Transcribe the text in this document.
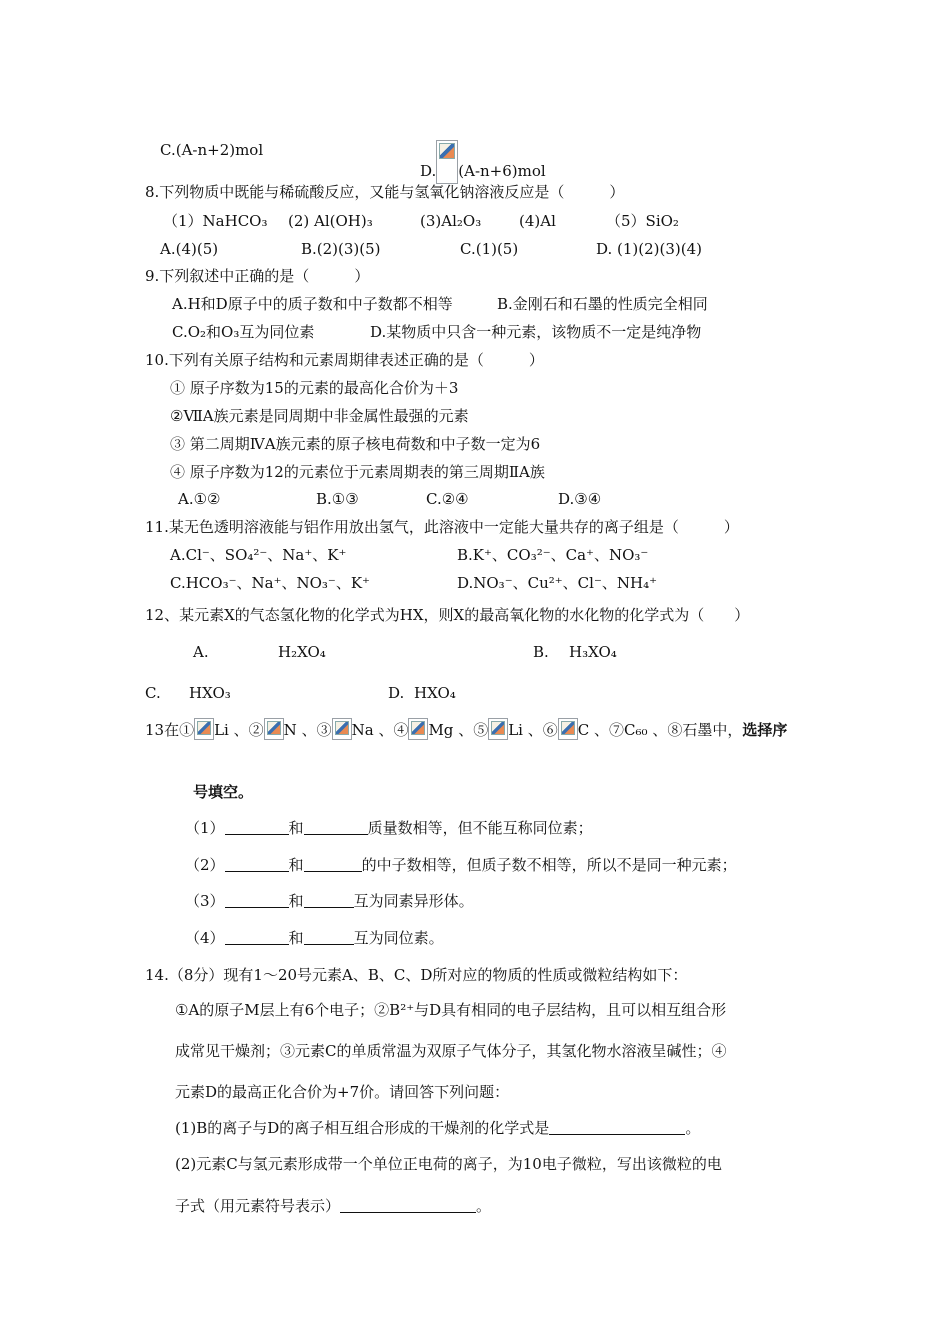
C.(A-n+2)mol
D. (A-n+6)mol
8.下列物质中既能与稀硫酸反应，又能与氢氧化钠溶液反应是（　　　）
（1）NaHCO₃ (2) Al(OH)₃	(3)Al₂O₃	(4)Al	（5）SiO₂
A.(4)(5)	B.(2)(3)(5)	C.(1)(5)	D. (1)(2)(3)(4)
9.下列叙述中正确的是（　　　）
A.H和D原子中的质子数和中子数都不相等	B.金刚石和石墨的性质完全相同
C.O₂和O₃互为同位素	D.某物质中只含一种元素，该物质不一定是纯净物
10.下列有关原子结构和元素周期律表述正确的是（　　　）
① 原子序数为15的元素的最高化合价为＋3
②ⅦA族元素是同周期中非金属性最强的元素
③ 第二周期ⅣA族元素的原子核电荷数和中子数一定为6
④ 原子序数为12的元素位于元素周期表的第三周期ⅡA族
A.①②	B.①③	C.②④	D.③④
11.某无色透明溶液能与铝作用放出氢气，此溶液中一定能大量共存的离子组是（　　　）
A.Cl⁻、SO₄²⁻、Na⁺、K⁺	B.K⁺、CO₃²⁻、Ca⁺、NO₃⁻
C.HCO₃⁻、Na⁺、NO₃⁻、K⁺	D.NO₃⁻、Cu²⁺、Cl⁻、NH₄⁺
12、某元素X的气态氢化物的化学式为HX，则X的最高氧化物的水化物的化学式为（　　）
A.	H₂XO₄	B. H₃XO₄
C. HXO₃	D. HXO₄
13在① Li 、② N 、③ Na 、④ Mg 、⑤ Li 、⑥ C 、⑦C₆₀ 、⑧石墨中，选择序
号填空。
（1）	和	质量数相等，但不能互称同位素；
（2）	和	的中子数相等，但质子数不相等，所以不是同一种元素；
（3）	和	互为同素异形体。
（4）	和	互为同位素。
14.（8分）现有1～20号元素A、B、C、D所对应的物质的性质或微粒结构如下：
①A的原子M层上有6个电子；②B²⁺与D具有相同的电子层结构，且可以相互组合形
成常见干燥剂；③元素C的单质常温为双原子气体分子，其氢化物水溶液呈碱性；④
元素D的最高正化合价为+7价。请回答下列问题：
(1)B的离子与D的离子相互组合形成的干燥剂的化学式是	。
(2)元素C与氢元素形成带一个单位正电荷的离子，为10电子微粒，写出该微粒的电
子式（用元素符号表示）	。
